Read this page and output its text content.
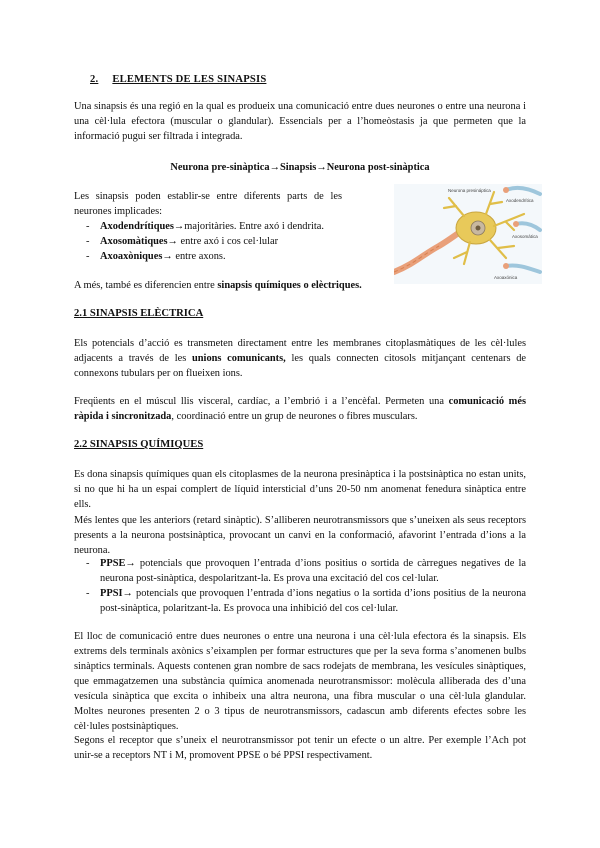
2. ELEMENTS DE LES SINAPSIS

Una sinapsis és una regió en la qual es produeix una comunicació entre dues neurones o entre una neurona i una cèl·lula efectora (muscular o glandular). Essencials per a l’homeòstasis ja que permeten que la informació pugui ser filtrada i integrada.

Neurona pre-sinàptica→Sinapsis→Neurona post-sinàptica

Les sinapsis poden establir-se entre diferents parts de les neurones implicades:

- Axodendrítiques→majoritàries. Entre axó i dendrita.
- Axosomàtiques→ entre axó i cos cel·lular
- Axoaxòniques→ entre axons.

A més, també es diferencien entre sinapsis químiques o elèctriques.

Neurona presináptica
Axodendrítica
Axosomática
Axoaxónica
2.1 SINAPSIS ELÈCTRICA

Els potencials d’acció es transmeten directament entre les membranes citoplasmàtiques de les cèl·lules adjacents a través de les unions comunicants, les quals connecten citosols mitjançant centenars de connexons tubulars per on flueixen ions.

Freqüents en el múscul llis visceral, cardíac, a l’embrió i a l’encèfal. Permeten una comunicació més ràpida i sincronitzada, coordinació entre un grup de neurones o fibres musculars.

2.2 SINAPSIS QUÍMIQUES

Es dona sinapsis químiques quan els citoplasmes de la neurona presinàptica i la postsinàptica no estan units, si no que hi ha un espai complert de líquid intersticial d’uns 20-50 nm anomenat fenedura sinàptica entre ells.

Més lentes que les anteriors (retard sinàptic). S’alliberen neurotransmissors que s’uneixen als seus receptors presents a la neurona postsinàptica, provocant un canvi en la conformació, afavorint l’entrada d’ions a la neurona.

- PPSE→ potencials que provoquen l’entrada d’ions positius o sortida de càrregues negatives de la neurona post-sinàptica, despolaritzant-la. Es prova una excitació del cos cel·lular.
- PPSI→ potencials que provoquen l’entrada d’ions negatius o la sortida d’ions positius de la neurona post-sinàptica, polaritzant-la. Es provoca una inhibició del cos cel·lular.

El lloc de comunicació entre dues neurones o entre una neurona i una cèl·lula efectora és la sinapsis. Els extrems dels terminals axònics s’eixamplen per formar estructures que per la seva forma s’anomenen bulbs sinàptics terminals. Aquests contenen gran nombre de sacs rodejats de membrana, les vesícules sinàptiques, que emmagatzemen una substància química anomenada neurotransmissor: molècula alliberada des d’una vesícula sinàptica que excita o inhibeix una altra neurona, una fibra muscular o una cèl·lula glandular. Moltes neurones presenten 2 o 3 tipus de neurotransmissors, cadascun amb diferents efectes sobre les cèl·lules postsinàptiques.

Segons el receptor que s’uneix el neurotransmissor pot tenir un efecte o un altre. Per exemple l’Ach pot unir-se a receptors NT i M, promovent PPSE o bé PPSI respectivament.
